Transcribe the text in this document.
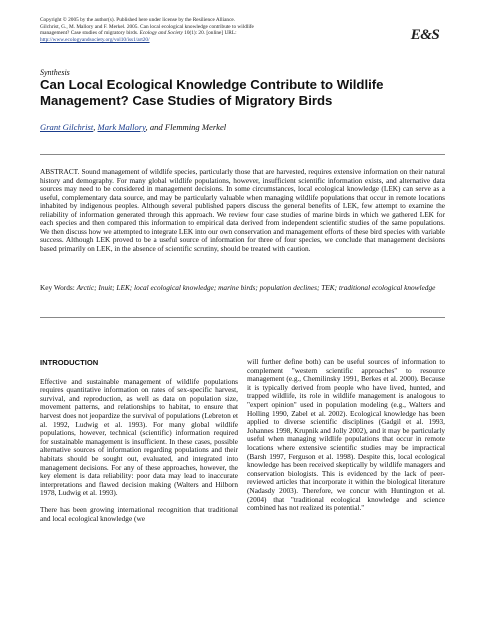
Copyright © 2005 by the author(s). Published here under license by the Resilience Alliance.
Gilchrist, G., M. Mallory and F. Merkel. 2005. Can local ecological knowledge contribute to wildlife
management? Case studies of migratory birds. Ecology and Society 10(1): 20. [online] URL:
http://www.ecologyandsociety.org/vol10/iss1/art20/	E&S
Synthesis
Can Local Ecological Knowledge Contribute to Wildlife Management? Case Studies of Migratory Birds
Grant Gilchrist, Mark Mallory, and Flemming Merkel

ABSTRACT. Sound management of wildlife species, particularly those that are harvested, requires extensive information on their natural history and demography. For many global wildlife populations, however, insufficient scientific information exists, and alternative data sources may need to be considered in management decisions. In some circumstances, local ecological knowledge (LEK) can serve as a useful, complementary data source, and may be particularly valuable when managing wildlife populations that occur in remote locations inhabited by indigenous peoples. Although several published papers discuss the general benefits of LEK, few attempt to examine the reliability of information generated through this approach. We review four case studies of marine birds in which we gathered LEK for each species and then compared this information to empirical data derived from independent scientific studies of the same populations. We then discuss how we attempted to integrate LEK into our own conservation and management efforts of these bird species with variable success. Although LEK proved to be a useful source of information for three of four species, we conclude that management decisions based primarily on LEK, in the absence of scientific scrutiny, should be treated with caution.

Key Words: Arctic; Inuit; LEK; local ecological knowledge; marine birds; population declines; TEK; traditional ecological knowledge

INTRODUCTION

Effective and sustainable management of wildlife populations requires quantitative information on rates of sex-specific harvest, survival, and reproduction, as well as data on population size, movement patterns, and relationships to habitat, to ensure that harvest does not jeopardize the survival of populations (Lebreton et al. 1992, Ludwig et al. 1993). For many global wildlife populations, however, technical (scientific) information required for sustainable management is insufficient. In these cases, possible alternative sources of information regarding populations and their habitats should be sought out, evaluated, and integrated into management decisions. For any of these approaches, however, the key element is data reliability: poor data may lead to inaccurate interpretations and flawed decision making (Walters and Hilborn 1978, Ludwig et al. 1993).

There has been growing international recognition that traditional and local ecological knowledge (we

will further define both) can be useful sources of information to complement "western scientific approaches" to resource management (e.g., Chemilinsky 1991, Berkes et al. 2000). Because it is typically derived from people who have lived, hunted, and trapped wildlife, its role in wildlife management is analogous to "expert opinion" used in population modeling (e.g., Walters and Holling 1990, Zabel et al. 2002). Ecological knowledge has been applied to diverse scientific disciplines (Gadgil et al. 1993, Johannes 1998, Krupnik and Jolly 2002), and it may be particularly useful when managing wildlife populations that occur in remote locations where extensive scientific studies may be impractical (Barsh 1997, Ferguson et al. 1998). Despite this, local ecological knowledge has been received skeptically by wildlife managers and conservation biologists. This is evidenced by the lack of peer-reviewed articles that incorporate it within the biological literature (Nadasdy 2003). Therefore, we concur with Huntington et al. (2004) that "traditional ecological knowledge and science combined has not realized its potential."
